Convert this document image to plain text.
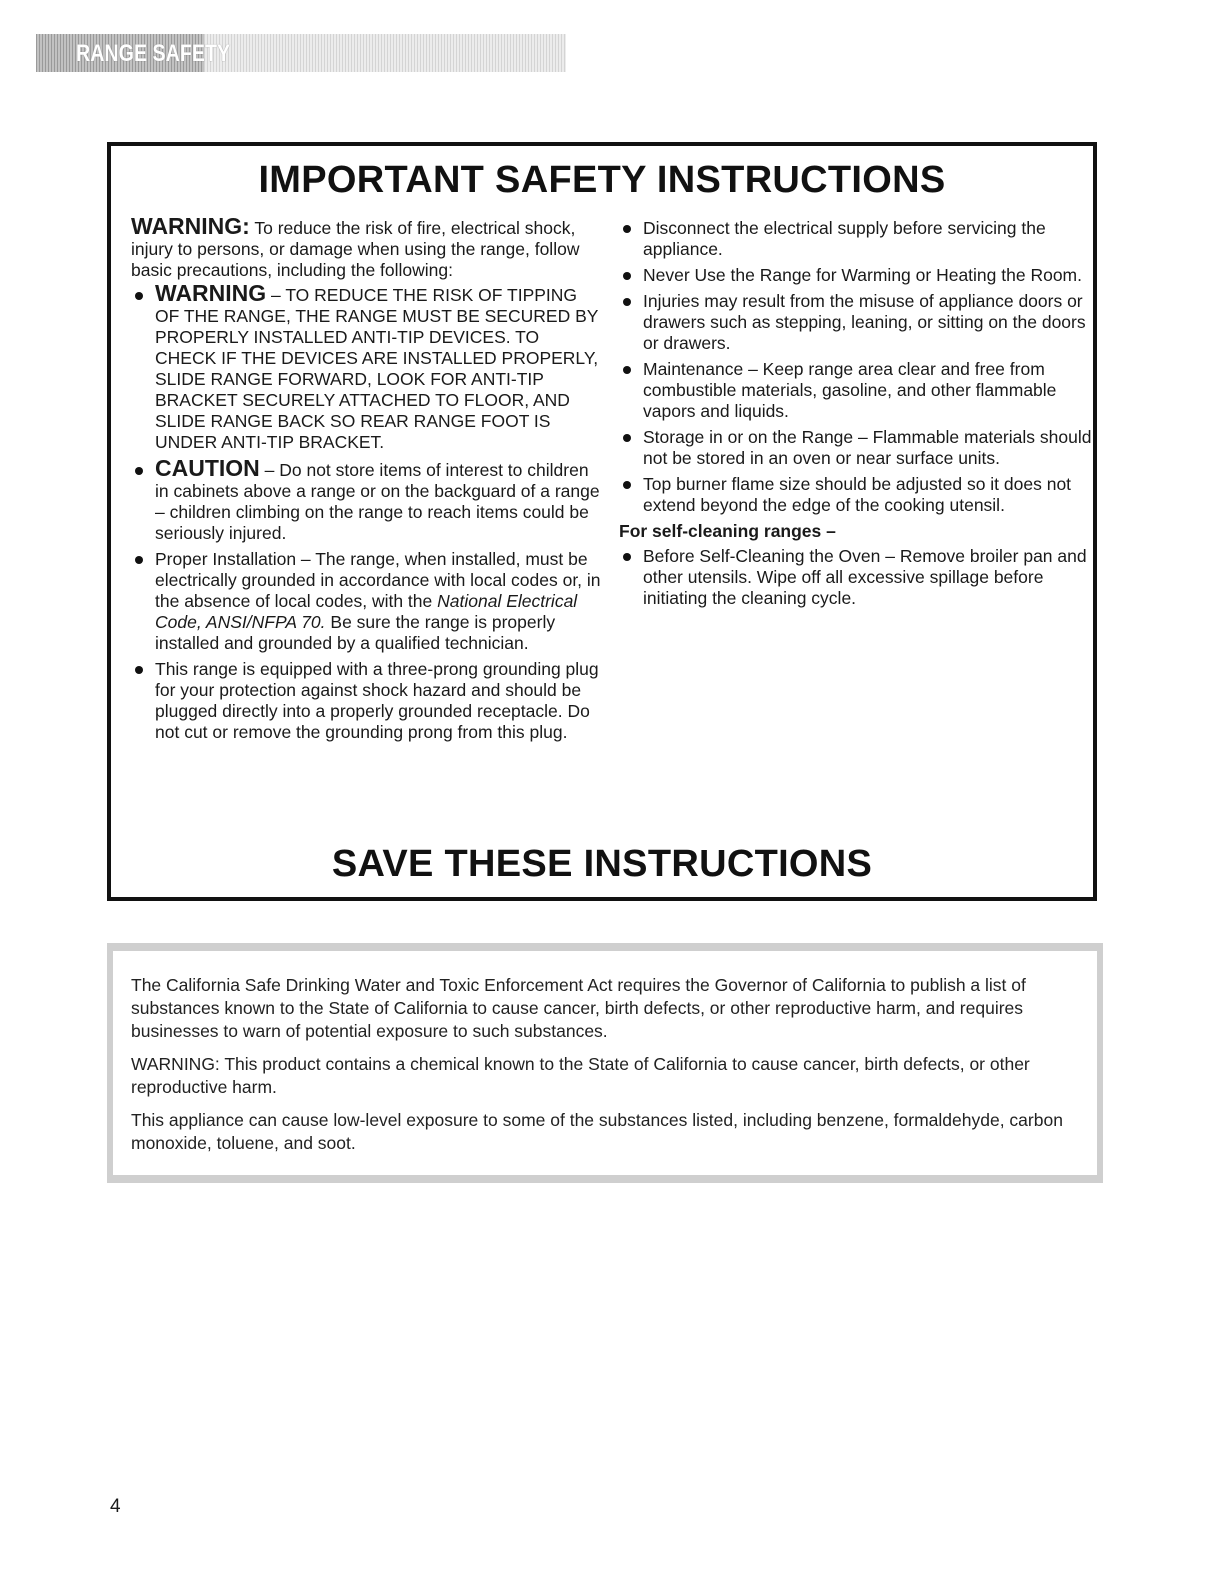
RANGE SAFETY
IMPORTANT SAFETY INSTRUCTIONS

WARNING: To reduce the risk of fire, electrical shock, injury to persons, or damage when using the range, follow basic precautions, including the following:

WARNING – TO REDUCE THE RISK OF TIPPING OF THE RANGE, THE RANGE MUST BE SECURED BY PROPERLY INSTALLED ANTI-TIP DEVICES. TO CHECK IF THE DEVICES ARE INSTALLED PROPERLY, SLIDE RANGE FORWARD, LOOK FOR ANTI-TIP BRACKET SECURELY ATTACHED TO FLOOR, AND SLIDE RANGE BACK SO REAR RANGE FOOT IS UNDER ANTI-TIP BRACKET.
CAUTION – Do not store items of interest to children in cabinets above a range or on the backguard of a range – children climbing on the range to reach items could be seriously injured.
Proper Installation – The range, when installed, must be electrically grounded in accordance with local codes or, in the absence of local codes, with the National Electrical Code, ANSI/NFPA 70. Be sure the range is properly installed and grounded by a qualified technician.
This range is equipped with a three-prong grounding plug for your protection against shock hazard and should be plugged directly into a properly grounded receptacle. Do not cut or remove the grounding prong from this plug.
Disconnect the electrical supply before servicing the appliance.
Never Use the Range for Warming or Heating the Room.
Injuries may result from the misuse of appliance doors or drawers such as stepping, leaning, or sitting on the doors or drawers.
Maintenance – Keep range area clear and free from combustible materials, gasoline, and other flammable vapors and liquids.
Storage in or on the Range – Flammable materials should not be stored in an oven or near surface units.
Top burner flame size should be adjusted so it does not extend beyond the edge of the cooking utensil.
For self-cleaning ranges –
Before Self-Cleaning the Oven – Remove broiler pan and other utensils. Wipe off all excessive spillage before initiating the cleaning cycle.
SAVE THESE INSTRUCTIONS

The California Safe Drinking Water and Toxic Enforcement Act requires the Governor of California to publish a list of substances known to the State of California to cause cancer, birth defects, or other reproductive harm, and requires businesses to warn of potential exposure to such substances.

WARNING: This product contains a chemical known to the State of California to cause cancer, birth defects, or other reproductive harm.

This appliance can cause low-level exposure to some of the substances listed, including benzene, formaldehyde, carbon monoxide, toluene, and soot.

4
